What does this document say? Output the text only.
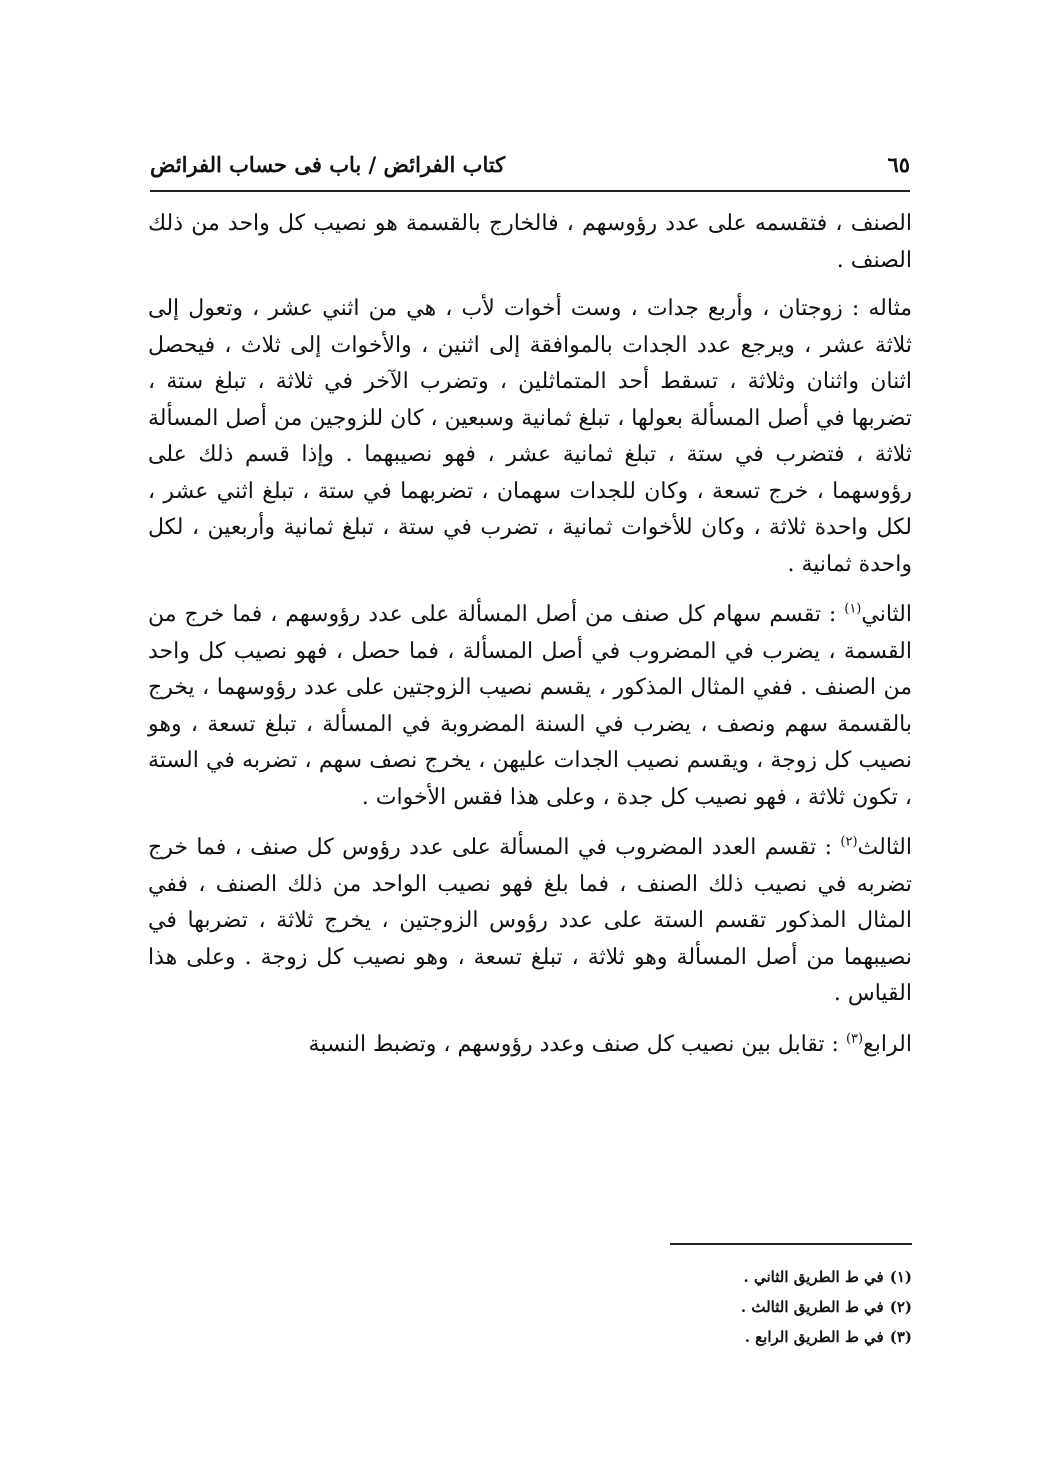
كتاب الفرائض / باب فى حساب الفرائض	٦٥

الصنف ، فتقسمه على عدد رؤوسهم ، فالخارج بالقسمة هو نصيب كل واحد من ذلك الصنف .

مثاله : زوجتان ، وأربع جدات ، وست أخوات لأب ، هي من اثني عشر ، وتعول إلى ثلاثة عشر ، ويرجع عدد الجدات بالموافقة إلى اثنين ، والأخوات إلى ثلاث ، فيحصل اثنان واثنان وثلاثة ، تسقط أحد المتماثلين ، وتضرب الآخر في ثلاثة ، تبلغ ستة ، تضربها في أصل المسألة بعولها ، تبلغ ثمانية وسبعين ، كان للزوجين من أصل المسألة ثلاثة ، فتضرب في ستة ، تبلغ ثمانية عشر ، فهو نصيبهما . وإذا قسم ذلك على رؤوسهما ، خرج تسعة ، وكان للجدات سهمان ، تضربهما في ستة ، تبلغ اثني عشر ، لكل واحدة ثلاثة ، وكان للأخوات ثمانية ، تضرب في ستة ، تبلغ ثمانية وأربعين ، لكل واحدة ثمانية .

الثاني$^{(١)}$ : تقسم سهام كل صنف من أصل المسألة على عدد رؤوسهم ، فما خرج من القسمة ، يضرب في المضروب في أصل المسألة ، فما حصل ، فهو نصيب كل واحد من الصنف . ففي المثال المذكور ، يقسم نصيب الزوجتين على عدد رؤوسهما ، يخرج بالقسمة سهم ونصف ، يضرب في السنة المضروبة في المسألة ، تبلغ تسعة ، وهو نصيب كل زوجة ، ويقسم نصيب الجدات عليهن ، يخرج نصف سهم ، تضربه في الستة ، تكون ثلاثة ، فهو نصيب كل جدة ، وعلى هذا فقس الأخوات .

الثالث$^{(٢)}$ : تقسم العدد المضروب في المسألة على عدد رؤوس كل صنف ، فما خرج تضربه في نصيب ذلك الصنف ، فما بلغ فهو نصيب الواحد من ذلك الصنف ، ففي المثال المذكور تقسم الستة على عدد رؤوس الزوجتين ، يخرج ثلاثة ، تضربها في نصيبهما من أصل المسألة وهو ثلاثة ، تبلغ تسعة ، وهو نصيب كل زوجة . وعلى هذا القياس .

الرابع$^{(٣)}$ : تقابل بين نصيب كل صنف وعدد رؤوسهم ، وتضبط النسبة

(١)في ط الطريق الثاني .
(٢)في ط الطريق الثالث .
(٣)في ط الطريق الرابع .
